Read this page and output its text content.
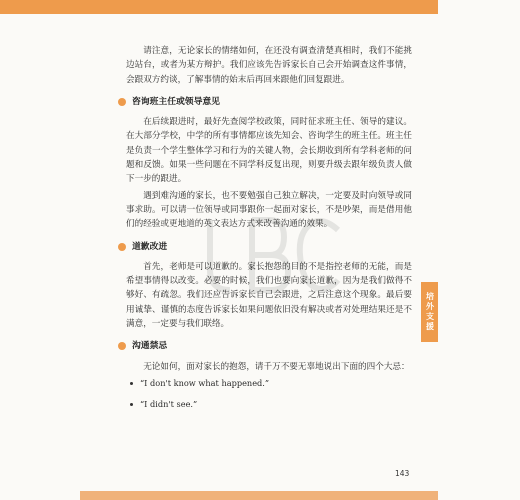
请注意，无论家长的情绪如何，在还没有调查清楚真相时，我们不能挑边站台，或者为某方辩护。我们应该先告诉家长自己会开始调查这件事情，会跟双方约谈，了解事情的始末后再回来跟他们回复跟进。

咨询班主任或领导意见

在后续跟进时，最好先查阅学校政策，同时征求班主任、领导的建议。在大部分学校，中学的所有事情都应该先知会、咨询学生的班主任。班主任是负责一个学生整体学习和行为的关键人物，会长期收到所有学科老师的问题和反馈。如果一些问题在不同学科反复出现，则要升级去跟年级负责人做下一步的跟进。

遇到难沟通的家长，也不要勉强自己独立解决，一定要及时向领导或同事求助。可以请一位领导或同事跟你一起面对家长，不是吵架，而是借用他们的经验或更地道的英文表达方式来改善沟通的效果。

道歉改进

首先，老师是可以道歉的。家长抱怨的目的不是指控老师的无能，而是希望事情得以改变。必要的时候，我们也要向家长道歉，因为是我们做得不够好、有疏忽。我们还应告诉家长自己会跟进，之后注意这个现象。最后要用诚挚、谨慎的态度告诉家长如果问题依旧没有解决或者对处理结果还是不满意，一定要与我们联络。

沟通禁忌

无论如何，面对家长的抱怨，请千万不要无辜地说出下面的四个大忌：

“I don't know what happened.”
“I didn't see.”
培外支援
143
